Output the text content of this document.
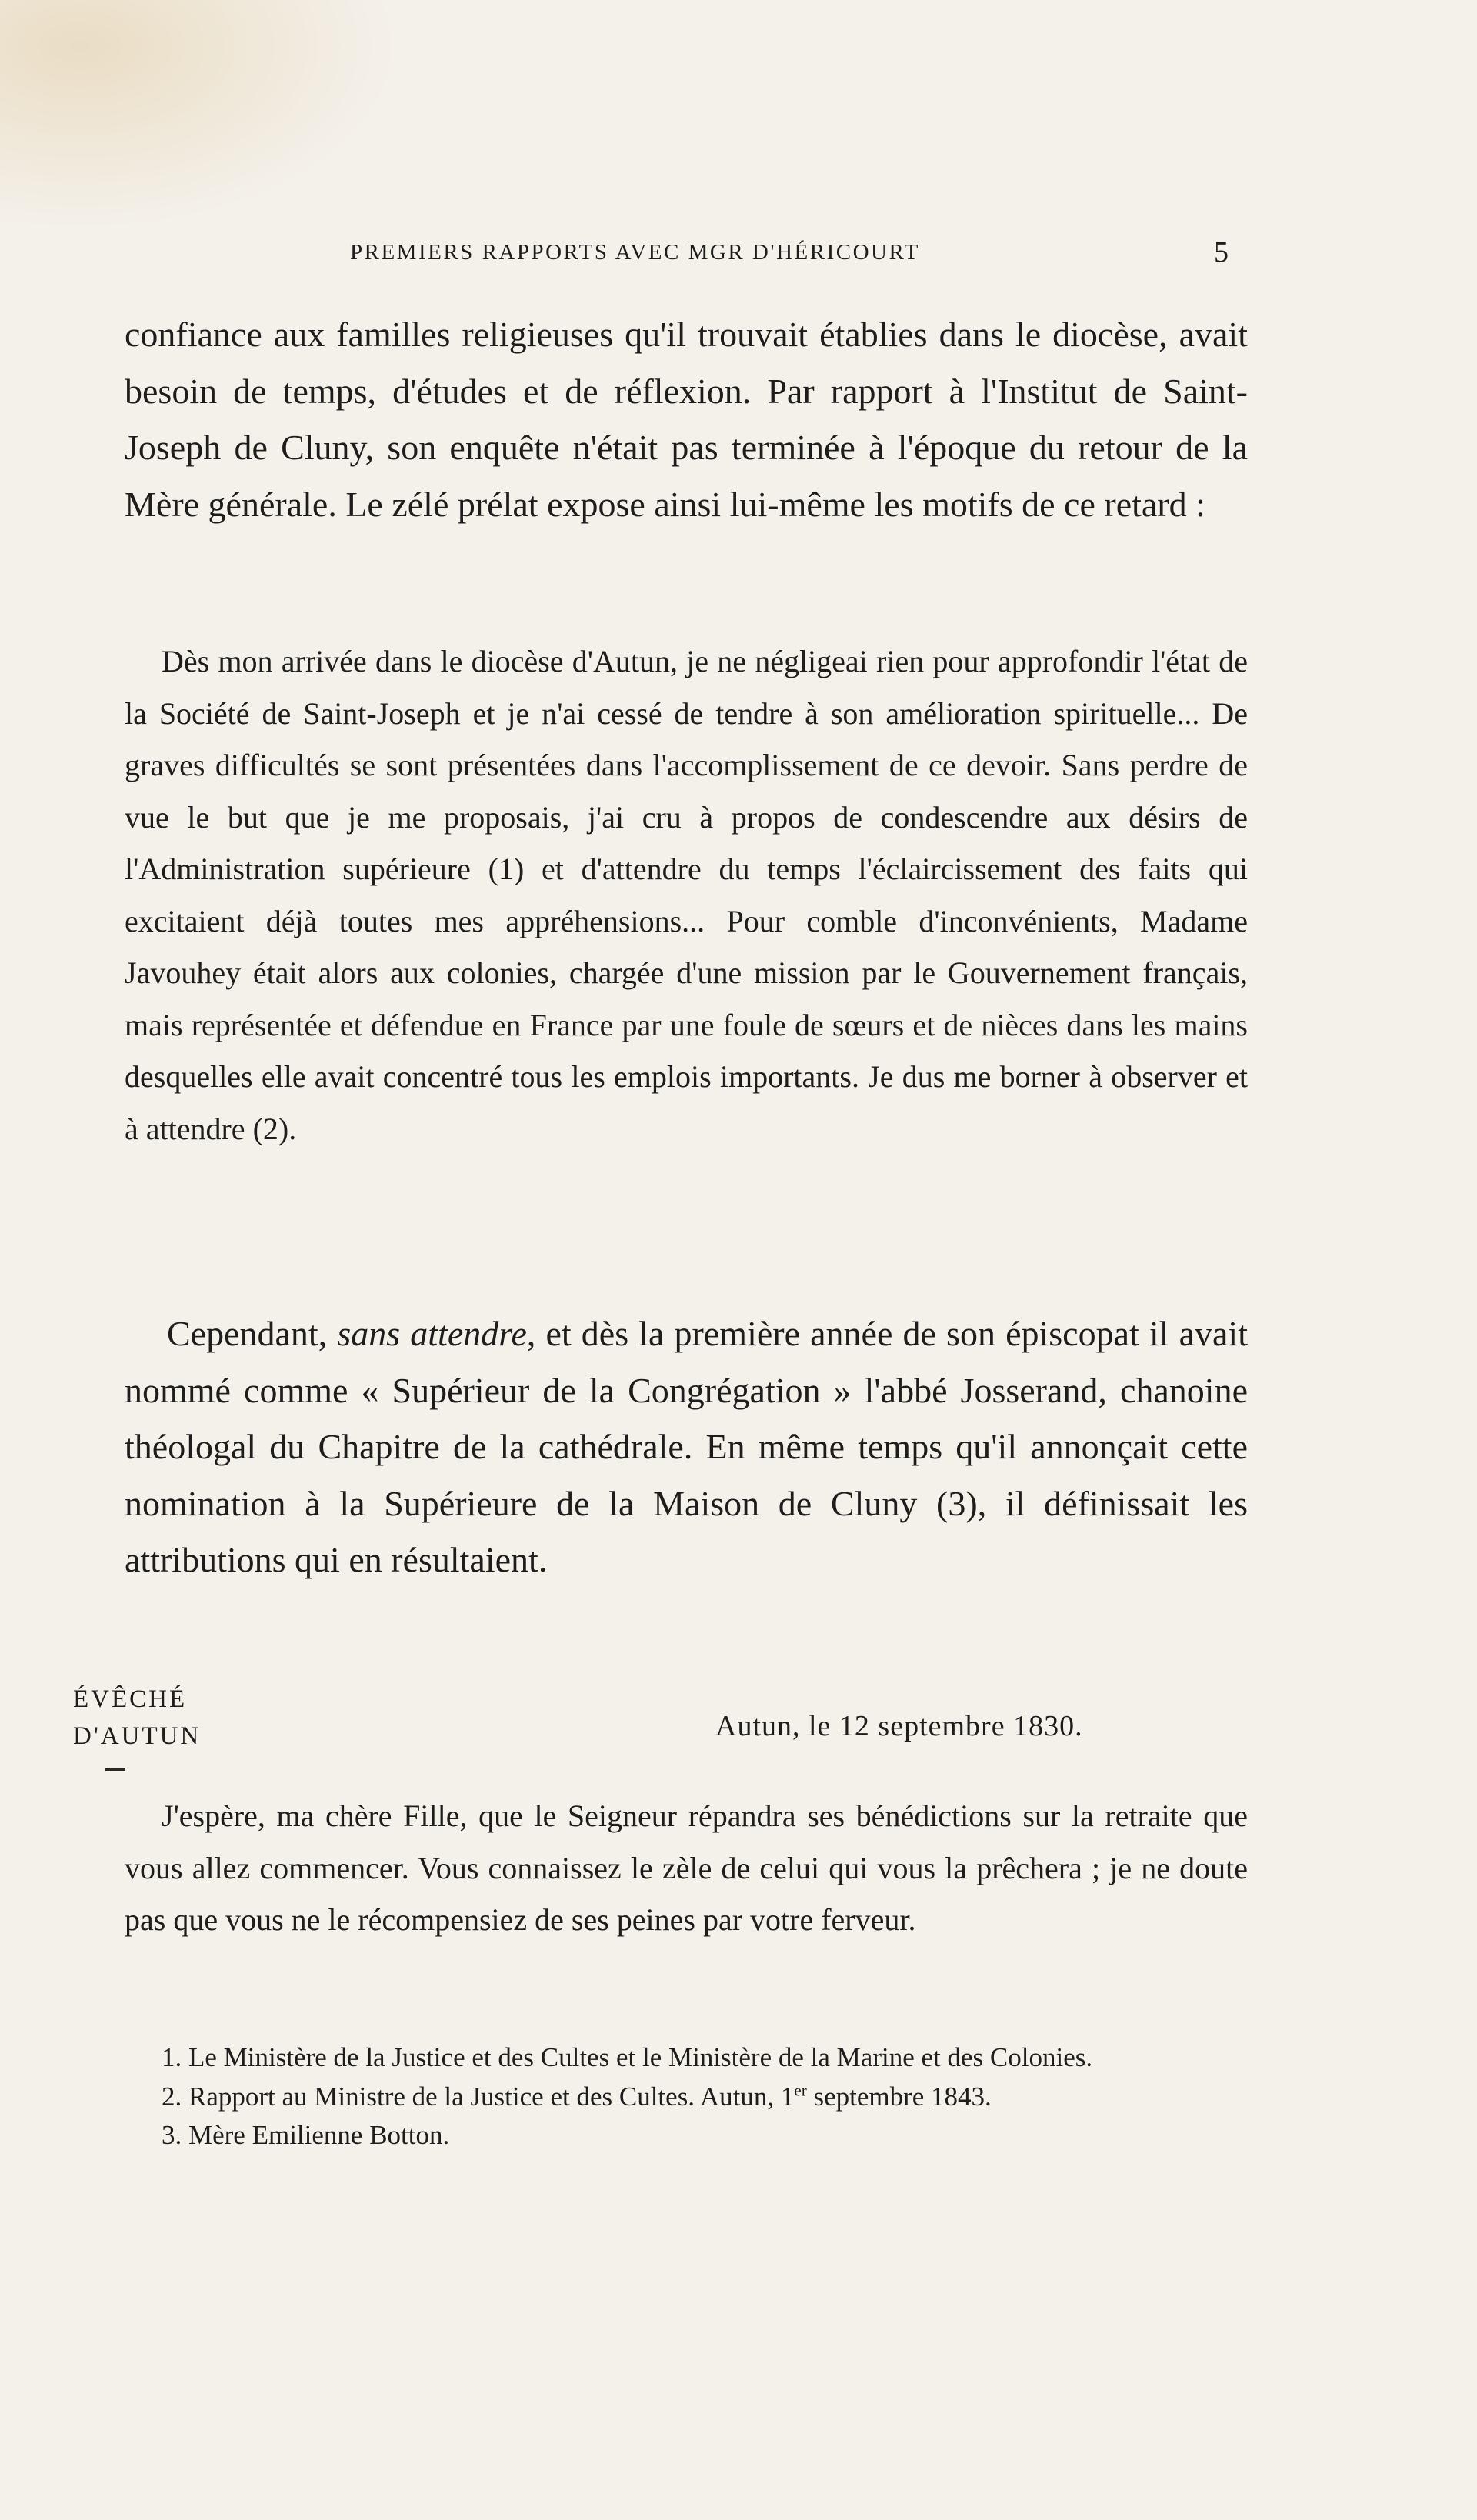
PREMIERS RAPPORTS AVEC MGR D'HÉRICOURT	5

confiance aux familles religieuses qu'il trouvait établies dans le diocèse, avait besoin de temps, d'études et de réflexion. Par rapport à l'Institut de Saint-Joseph de Cluny, son enquête n'était pas terminée à l'époque du retour de la Mère générale. Le zélé prélat expose ainsi lui-même les motifs de ce retard :

Dès mon arrivée dans le diocèse d'Autun, je ne négligeai rien pour approfondir l'état de la Société de Saint-Joseph et je n'ai cessé de tendre à son amélioration spirituelle... De graves difficultés se sont présentées dans l'accomplissement de ce devoir. Sans perdre de vue le but que je me proposais, j'ai cru à propos de condescendre aux désirs de l'Administration supérieure (1) et d'attendre du temps l'éclaircissement des faits qui excitaient déjà toutes mes appréhensions... Pour comble d'inconvénients, Madame Javouhey était alors aux colonies, chargée d'une mission par le Gouvernement français, mais représentée et défendue en France par une foule de sœurs et de nièces dans les mains desquelles elle avait concentré tous les emplois importants. Je dus me borner à observer et à attendre (2).

Cependant, sans attendre, et dès la première année de son épiscopat il avait nommé comme « Supérieur de la Congrégation » l'abbé Josserand, chanoine théologal du Chapitre de la cathédrale. En même temps qu'il annonçait cette nomination à la Supérieure de la Maison de Cluny (3), il définissait les attributions qui en résultaient.

ÉVÊCHÉ
D'AUTUN	Autun, le 12 septembre 1830.

J'espère, ma chère Fille, que le Seigneur répandra ses bénédictions sur la retraite que vous allez commencer. Vous connaissez le zèle de celui qui vous la prêchera ; je ne doute pas que vous ne le récompensiez de ses peines par votre ferveur.

1. Le Ministère de la Justice et des Cultes et le Ministère de la Marine et des Colonies.

2. Rapport au Ministre de la Justice et des Cultes. Autun, 1er septembre 1843.

3. Mère Emilienne Botton.
